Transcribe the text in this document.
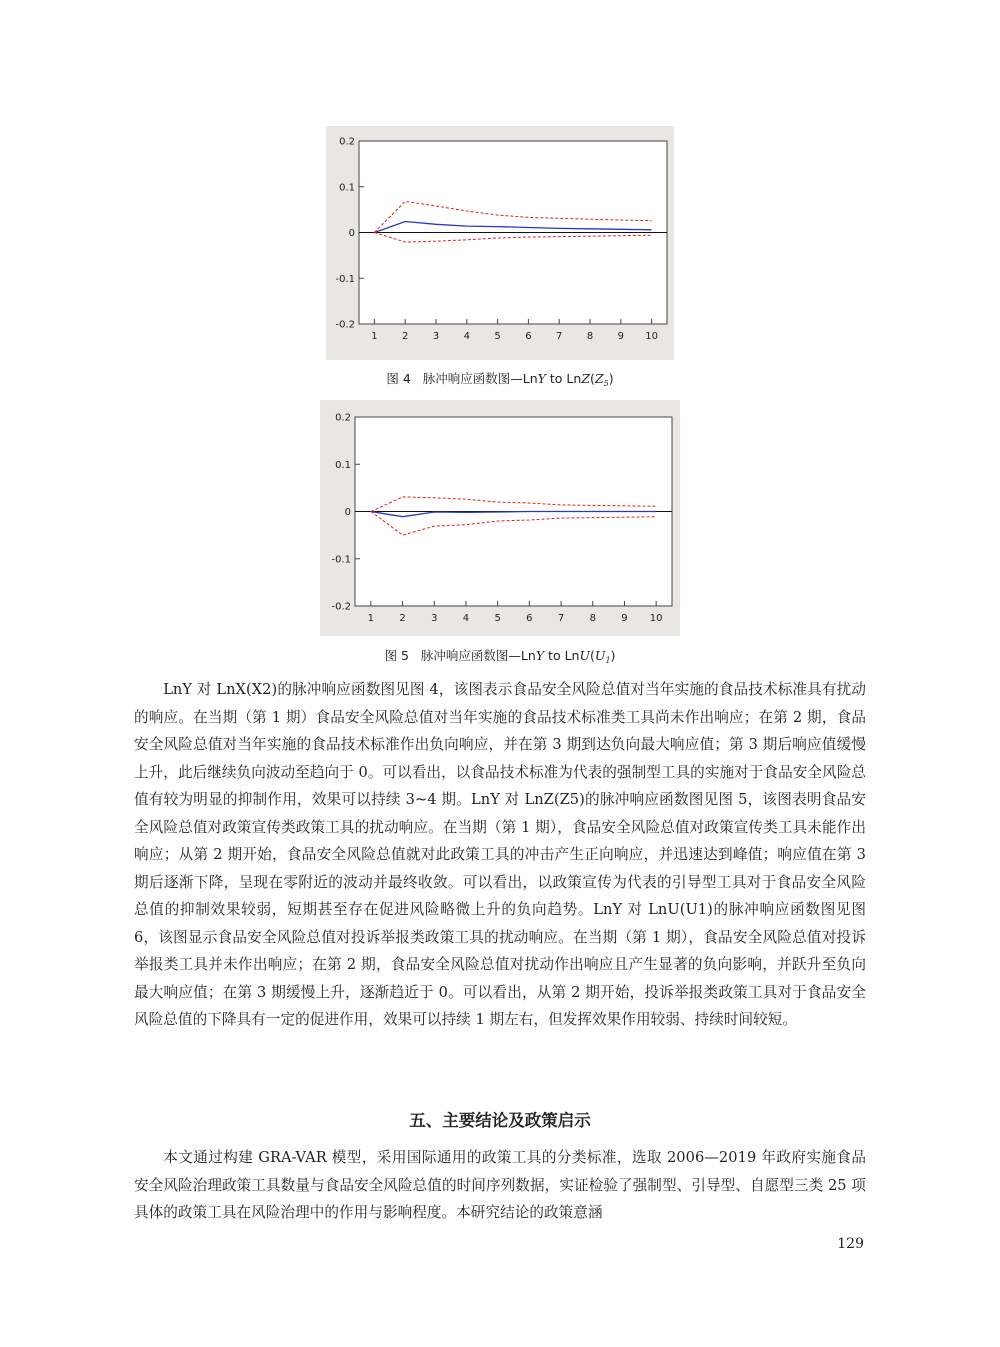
0.2
0.1
0
-0.1
-0.2
1 2 3 4 5 6 7 8 9 10
图 4 脉冲响应函数图—LnY to $LnZ(Z_5)$
0.2
0.1
0
-0.1
-0.2
1	2	3	4	5	6	7	8	9 10
图 5 脉冲响应函数图—LnY to $LnU(U_1)$

LnY 对 LnX(X2)的脉冲响应函数图见图 4，该图表示食品安全风险总值对当年实施的食品技术标准具有扰动的响应。在当期（第 1 期）食品安全风险总值对当年实施的食品技术标准类工具尚未作出响应；在第 2 期，食品安全风险总值对当年实施的食品技术标准作出负向响应，并在第 3 期到达负向最大响应值；第 3 期后响应值缓慢上升，此后继续负向波动至趋向于 0。可以看出，以食品技术标准为代表的强制型工具的实施对于食品安全风险总值有较为明显的抑制作用，效果可以持续 3~4 期。LnY 对 LnZ(Z5)的脉冲响应函数图见图 5，该图表明食品安全风险总值对政策宣传类政策工具的扰动响应。在当期（第 1 期），食品安全风险总值对政策宣传类工具未能作出响应；从第 2 期开始，食品安全风险总值就对此政策工具的冲击产生正向响应，并迅速达到峰值；响应值在第 3 期后逐渐下降，呈现在零附近的波动并最终收敛。可以看出，以政策宣传为代表的引导型工具对于食品安全风险总值的抑制效果较弱，短期甚至存在促进风险略微上升的负向趋势。LnY 对 LnU(U1)的脉冲响应函数图见图 6，该图显示食品安全风险总值对投诉举报类政策工具的扰动响应。在当期（第 1 期），食品安全风险总值对投诉举报类工具并未作出响应；在第 2 期，食品安全风险总值对扰动作出响应且产生显著的负向影响，并跃升至负向最大响应值；在第 3 期缓慢上升，逐渐趋近于 0。可以看出，从第 2 期开始，投诉举报类政策工具对于食品安全风险总值的下降具有一定的促进作用，效果可以持续 1 期左右，但发挥效果作用较弱、持续时间较短。

五、主要结论及政策启示

本文通过构建 GRA-VAR 模型，采用国际通用的政策工具的分类标准，选取 2006—2019 年政府实施食品安全风险治理政策工具数量与食品安全风险总值的时间序列数据，实证检验了强制型、引导型、自愿型三类 25 项具体的政策工具在风险治理中的作用与影响程度。本研究结论的政策意涵

129
